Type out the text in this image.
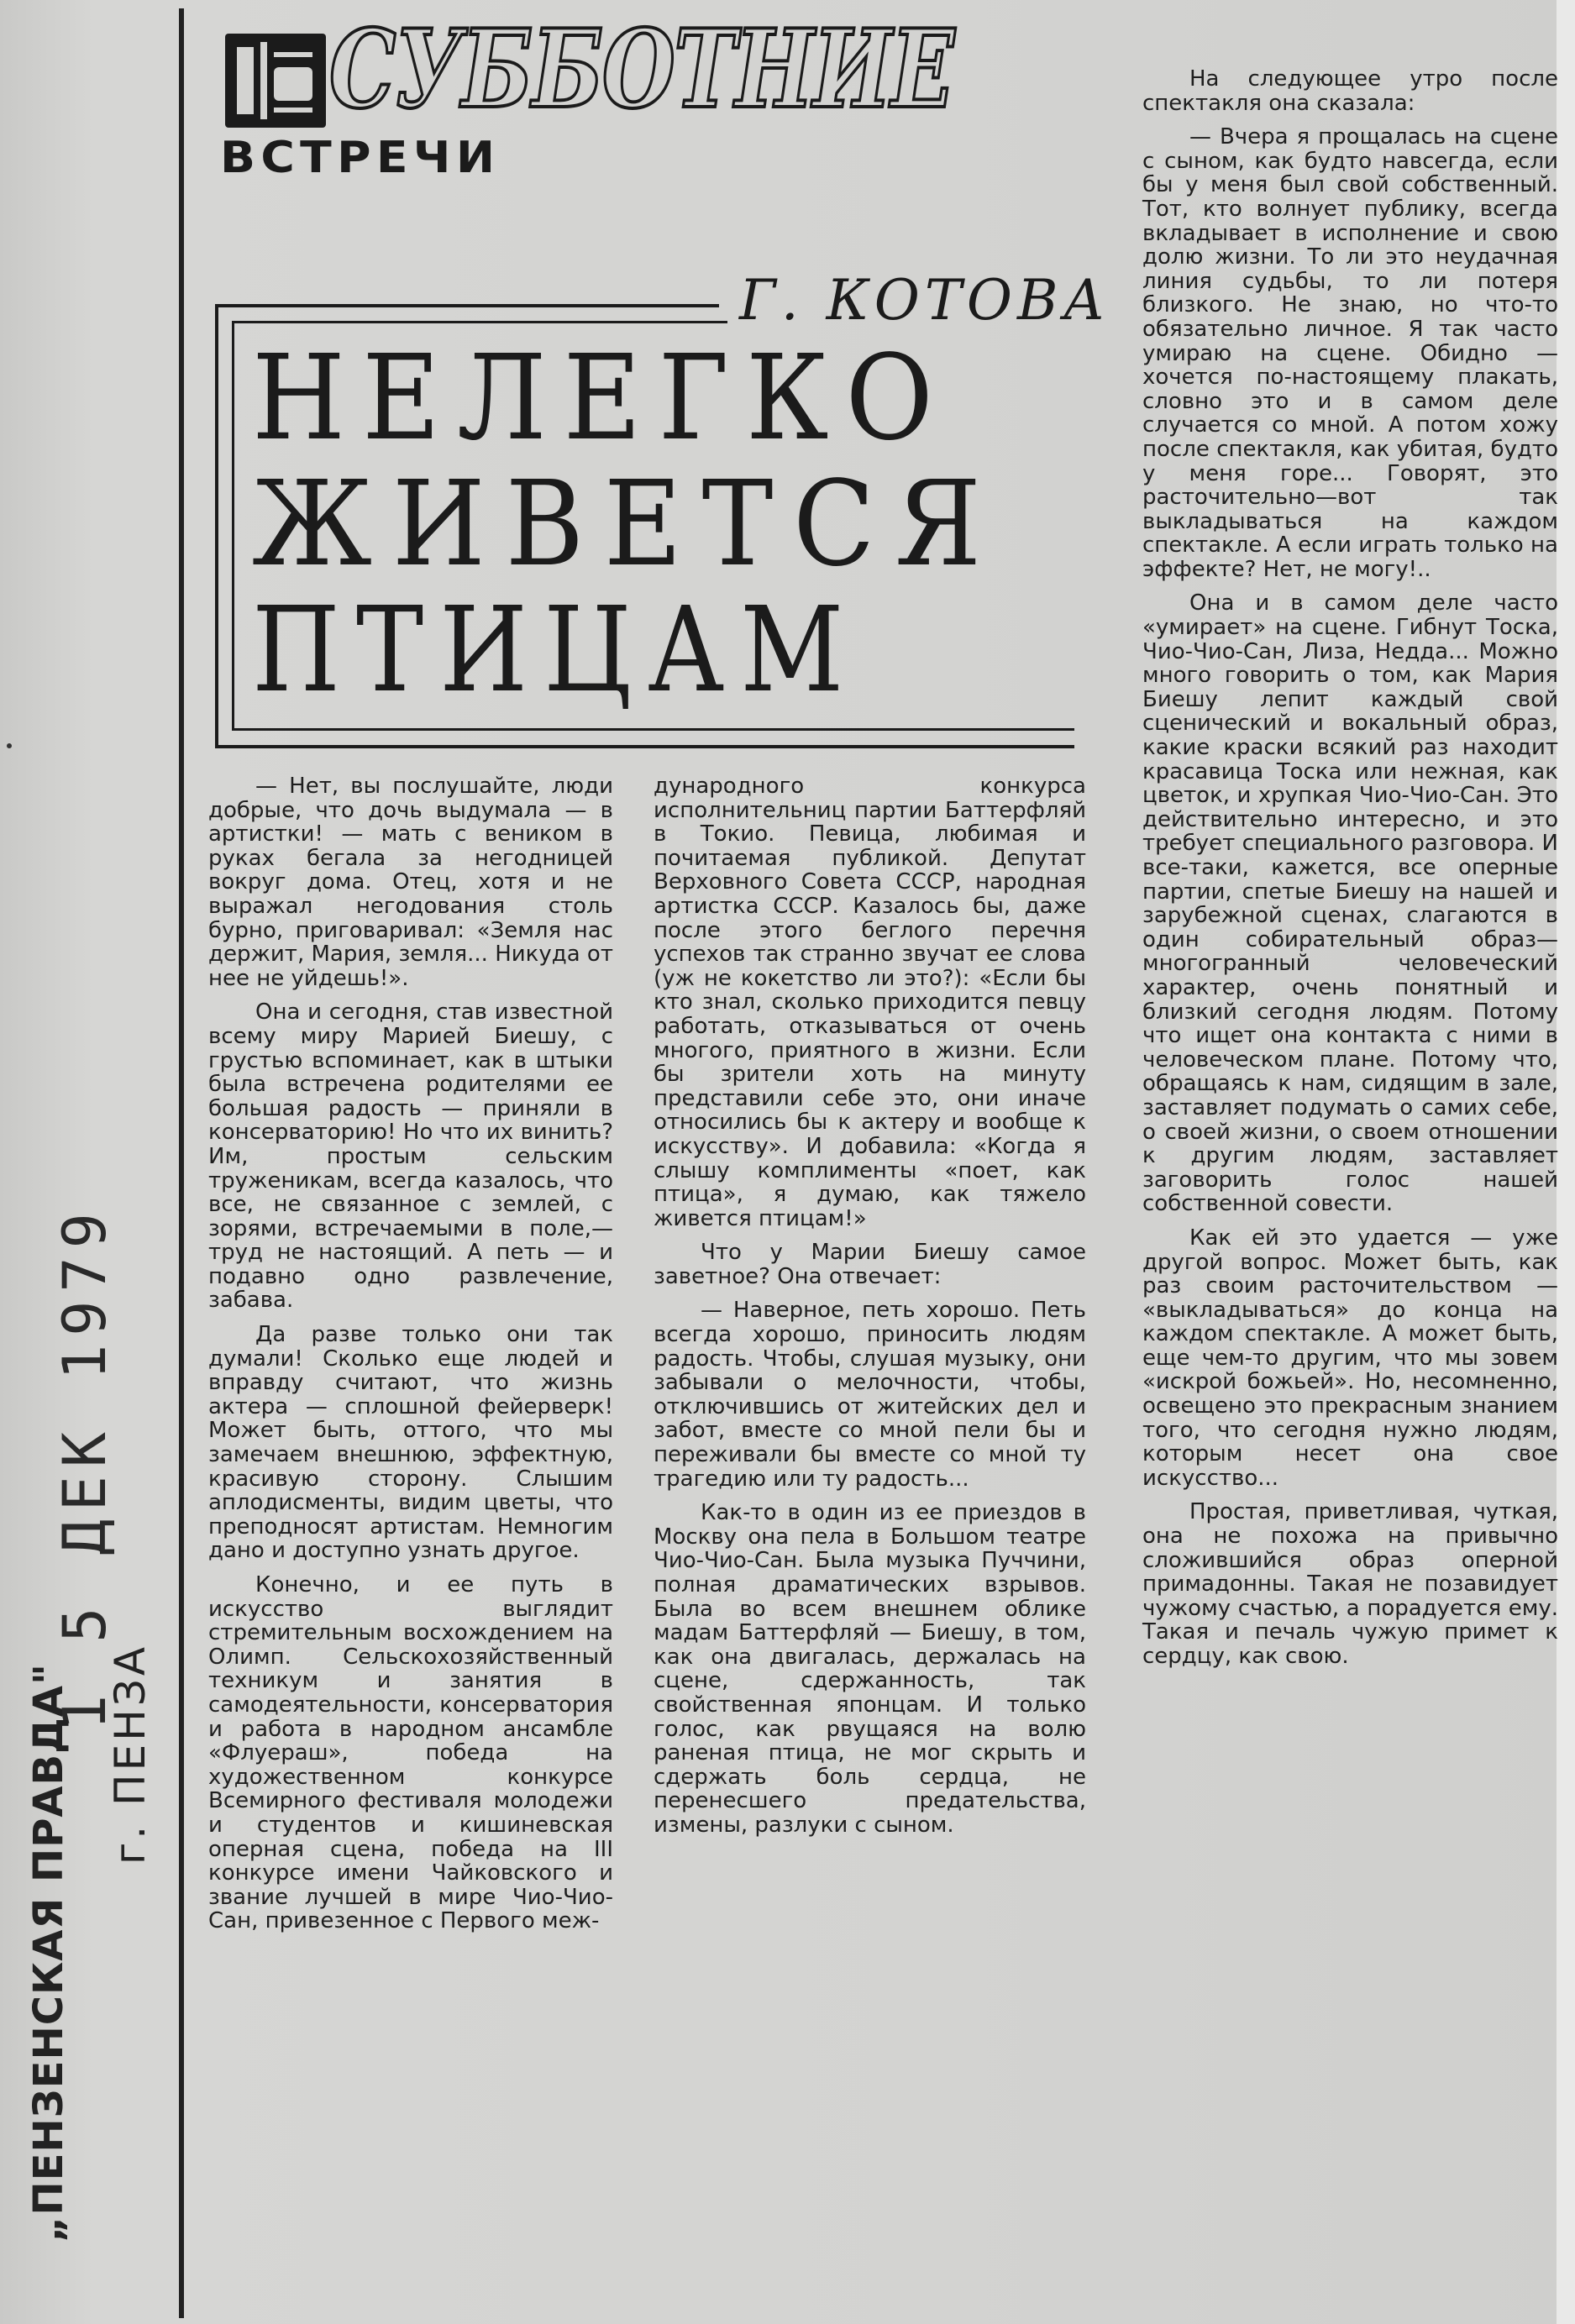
1 5 ДЕК 1979
„ПЕНЗЕНСКАЯ ПРАВДА" г. ПЕНЗА
СУББОТНИЕ
ВСТРЕЧИ
Г. КОТОВА
НЕЛЕГКО
ЖИВЕТСЯ
ПТИЦАМ

— Нет, вы послушайте, люди добрые, что дочь выдумала — в артистки! — мать с веником в руках бегала за негодницей вокруг дома. Отец, хотя и не выражал негодования столь бурно, приговаривал: «Земля нас держит, Мария, земля... Никуда от нее не уйдешь!».

Она и сегодня, став известной всему миру Марией Биешу, с грустью вспоминает, как в штыки была встречена родителями ее большая радость — приняли в консерваторию! Но что их винить? Им, простым сельским труженикам, всегда казалось, что все, не связанное с землей, с зорями, встречаемыми в поле,—труд не настоящий. А петь — и подавно одно развлечение, забава.

Да разве только они так думали! Сколько еще людей и вправду считают, что жизнь актера — сплошной фейерверк! Может быть, оттого, что мы замечаем внешнюю, эффектную, красивую сторону. Слышим аплодисменты, видим цветы, что преподносят артистам. Немногим дано и доступно узнать другое.

Конечно, и ее путь в искусство выглядит стремительным восхождением на Олимп. Сельскохозяйственный техникум и занятия в самодеятельности, консерватория и работа в народном ансамбле «Флуераш», победа на художественном конкурсе Всемирного фестиваля молодежи и студентов и кишиневская оперная сцена, победа на III конкурсе имени Чайковского и звание лучшей в мире Чио-Чио-Сан, привезенное с Первого меж-

дународного конкурса исполнительниц партии Баттерфляй в Токио. Певица, любимая и почитаемая публикой. Депутат Верховного Совета СССР, народная артистка СССР. Казалось бы, даже после этого беглого перечня успехов так странно звучат ее слова (уж не кокетство ли это?): «Если бы кто знал, сколько приходится певцу работать, отказываться от очень многого, приятного в жизни. Если бы зрители хоть на минуту представили себе это, они иначе относились бы к актеру и вообще к искусству». И добавила: «Когда я слышу комплименты «поет, как птица», я думаю, как тяжело живется птицам!»

Что у Марии Биешу самое заветное? Она отвечает:

— Наверное, петь хорошо. Петь всегда хорошо, приносить людям радость. Чтобы, слушая музыку, они забывали о мелочности, чтобы, отключившись от житейских дел и забот, вместе со мной пели бы и переживали бы вместе со мной ту трагедию или ту радость...

Как-то в один из ее приездов в Москву она пела в Большом театре Чио-Чио-Сан. Была музыка Пуччини, полная драматических взрывов. Была во всем внешнем облике мадам Баттерфляй — Биешу, в том, как она двигалась, держалась на сцене, сдержанность, так свойственная японцам. И только голос, как рвущаяся на волю раненая птица, не мог скрыть и сдержать боль сердца, не перенесшего предательства, измены, разлуки с сыном.

На следующее утро после спектакля она сказала:

— Вчера я прощалась на сцене с сыном, как будто навсегда, если бы у меня был свой собственный. Тот, кто волнует публику, всегда вкладывает в исполнение и свою долю жизни. То ли это неудачная линия судьбы, то ли потеря близкого. Не знаю, но что-то обязательно личное. Я так часто умираю на сцене. Обидно — хочется по-настоящему плакать, словно это и в самом деле случается со мной. А потом хожу после спектакля, как убитая, будто у меня горе... Говорят, это расточительно—вот так выкладываться на каждом спектакле. А если играть только на эффекте? Нет, не могу!..

Она и в самом деле часто «умирает» на сцене. Гибнут Тоска, Чио-Чио-Сан, Лиза, Недда... Можно много говорить о том, как Мария Биешу лепит каждый свой сценический и вокальный образ, какие краски всякий раз находит красавица Тоска или нежная, как цветок, и хрупкая Чио-Чио-Сан. Это действительно интересно, и это требует специального разговора. И все-таки, кажется, все оперные партии, спетые Биешу на нашей и зарубежной сценах, слагаются в один собирательный образ—многогранный человеческий характер, очень понятный и близкий сегодня людям. Потому что ищет она контакта с ними в человеческом плане. Потому что, обращаясь к нам, сидящим в зале, заставляет подумать о самих себе, о своей жизни, о своем отношении к другим людям, заставляет заговорить голос нашей собственной совести.

Как ей это удается — уже другой вопрос. Может быть, как раз своим расточительством — «выкладываться» до конца на каждом спектакле. А может быть, еще чем-то другим, что мы зовем «искрой божьей». Но, несомненно, освещено это прекрасным знанием того, что сегодня нужно людям, которым несет она свое искусство...

Простая, приветливая, чуткая, она не похожа на привычно сложившийся образ оперной примадонны. Такая не позавидует чужому счастью, а порадуется ему. Такая и печаль чужую примет к сердцу, как свою.
